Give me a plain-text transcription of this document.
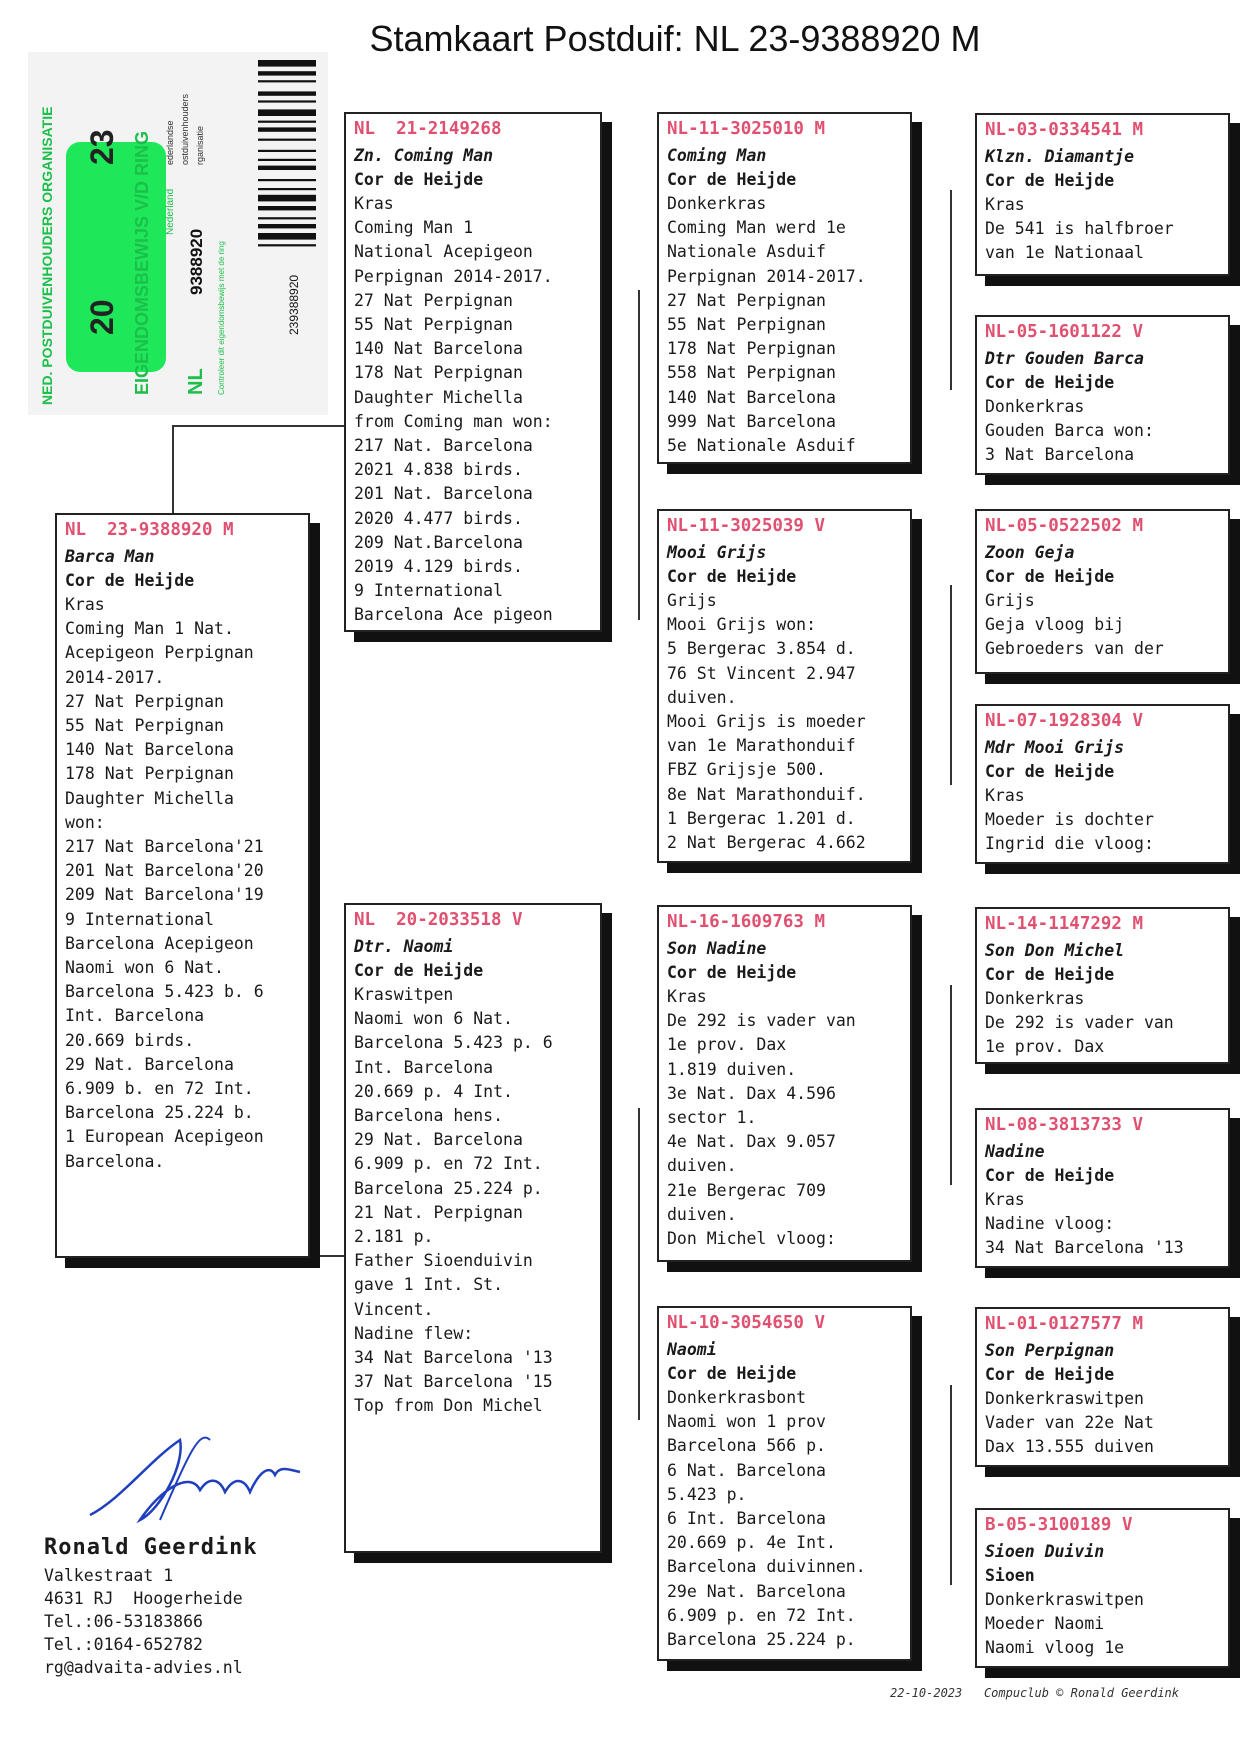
Stamkaart Postduif: NL 23-9388920 M
NED. POSTDUIVENHOUDERS ORGANISATIE 20
23 EIGENDOMSBEWIJS V/D RING NL
9388920
Nederland
Controleer dit eigendomsbewijs met de ring
ederlandse ostduivenhouders rganisatie
239388920
NL  23-9388920 M
Barca Man
Cor de Heijde
Kras
Coming Man 1 Nat.
Acepigeon Perpignan
2014-2017.
27 Nat Perpignan
55 Nat Perpignan
140 Nat Barcelona
178 Nat Perpignan
Daughter Michella
won:
217 Nat Barcelona'21
201 Nat Barcelona'20
209 Nat Barcelona'19
9 International
Barcelona Acepigeon
Naomi won 6 Nat.
Barcelona 5.423 b. 6
Int. Barcelona
20.669 birds.
29 Nat. Barcelona
6.909 b. en 72 Int.
Barcelona 25.224 b.
1 European Acepigeon
Barcelona.
NL  21-2149268
Zn. Coming Man
Cor de Heijde
Kras
Coming Man 1
National Acepigeon
Perpignan 2014-2017.
27 Nat Perpignan
55 Nat Perpignan
140 Nat Barcelona
178 Nat Perpignan
Daughter Michella
from Coming man won:
217 Nat. Barcelona
2021 4.838 birds.
201 Nat. Barcelona
2020 4.477 birds.
209 Nat.Barcelona
2019 4.129 birds.
9 International
Barcelona Ace pigeon
NL  20-2033518 V
Dtr. Naomi
Cor de Heijde
Kraswitpen
Naomi won 6 Nat.
Barcelona 5.423 p. 6
Int. Barcelona
20.669 p. 4 Int.
Barcelona hens.
29 Nat. Barcelona
6.909 p. en 72 Int.
Barcelona 25.224 p.
21 Nat. Perpignan
2.181 p.
Father Sioenduivin
gave 1 Int. St.
Vincent.
Nadine flew:
34 Nat Barcelona '13
37 Nat Barcelona '15
Top from Don Michel
NL-11-3025010 M
Coming Man
Cor de Heijde
Donkerkras
Coming Man werd 1e
Nationale Asduif
Perpignan 2014-2017.
27 Nat Perpignan
55 Nat Perpignan
178 Nat Perpignan
558 Nat Perpignan
140 Nat Barcelona
999 Nat Barcelona
5e Nationale Asduif
NL-11-3025039 V
Mooi Grijs
Cor de Heijde
Grijs
Mooi Grijs won:
5 Bergerac 3.854 d.
76 St Vincent 2.947
duiven.
Mooi Grijs is moeder
van 1e Marathonduif
FBZ Grijsje 500.
8e Nat Marathonduif.
1 Bergerac 1.201 d.
2 Nat Bergerac 4.662
NL-16-1609763 M
Son Nadine
Cor de Heijde
Kras
De 292 is vader van
1e prov. Dax
1.819 duiven.
3e Nat. Dax 4.596
sector 1.
4e Nat. Dax 9.057
duiven.
21e Bergerac 709
duiven.
Don Michel vloog:
NL-10-3054650 V
Naomi
Cor de Heijde
Donkerkrasbont
Naomi won 1 prov
Barcelona 566 p.
6 Nat. Barcelona
5.423 p.
6 Int. Barcelona
20.669 p. 4e Int.
Barcelona duivinnen.
29e Nat. Barcelona
6.909 p. en 72 Int.
Barcelona 25.224 p.
NL-03-0334541 M
Klzn. Diamantje
Cor de Heijde
Kras
De 541 is halfbroer
van 1e Nationaal
NL-05-1601122 V
Dtr Gouden Barca
Cor de Heijde
Donkerkras
Gouden Barca won:
3 Nat Barcelona
NL-05-0522502 M
Zoon Geja
Cor de Heijde
Grijs
Geja vloog bij
Gebroeders van der
NL-07-1928304 V
Mdr Mooi Grijs
Cor de Heijde
Kras
Moeder is dochter
Ingrid die vloog:
NL-14-1147292 M
Son Don Michel
Cor de Heijde
Donkerkras
De 292 is vader van
1e prov. Dax
NL-08-3813733 V
Nadine
Cor de Heijde
Kras
Nadine vloog:
34 Nat Barcelona '13
NL-01-0127577 M
Son Perpignan
Cor de Heijde
Donkerkraswitpen
Vader van 22e Nat
Dax 13.555 duiven
B-05-3100189 V
Sioen Duivin
Sioen
Donkerkraswitpen
Moeder Naomi
Naomi vloog 1e
Ronald Geerdink
Valkestraat 1
4631 RJ  Hoogerheide
Tel.:06-53183866
Tel.:0164-652782
rg@advaita-advies.nl
22-10-2023 Compuclub © Ronald Geerdink
